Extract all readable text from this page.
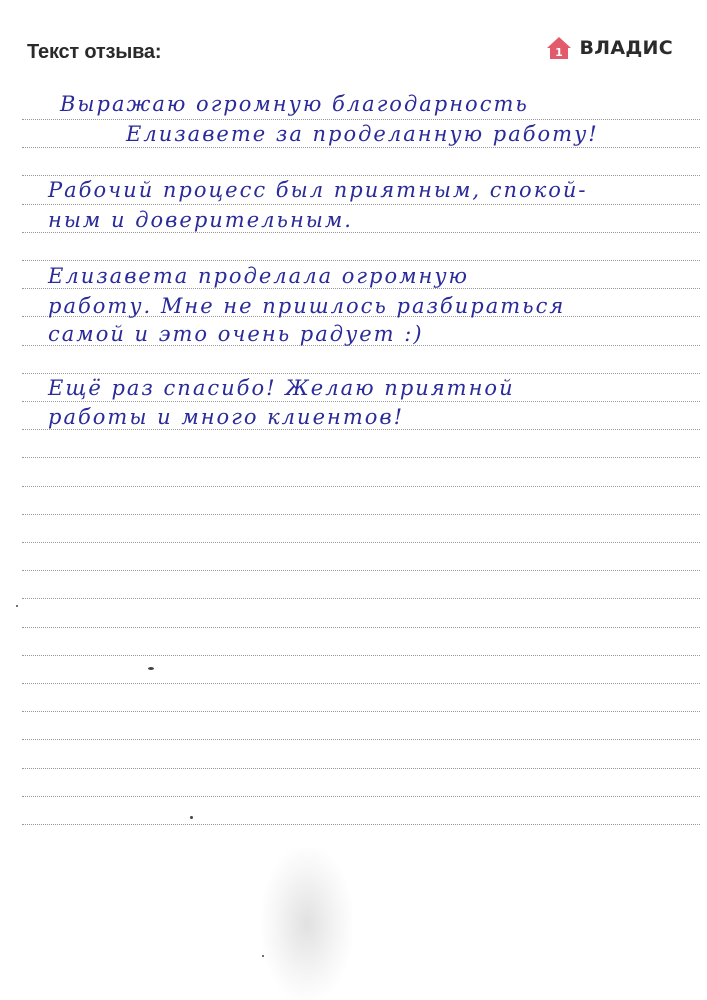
Текст отзыва:	1 ВЛАДИС
Выражаю огромную благодарность
Елизавете за проделанную работу!
Рабочий процесс был приятным, спокой-
ным и доверительным.
Елизавета проделала огромную
работу. Мне не пришлось разбираться
самой и это очень радует :)
Ещё раз спасибо! Желаю приятной
работы и много клиентов!
